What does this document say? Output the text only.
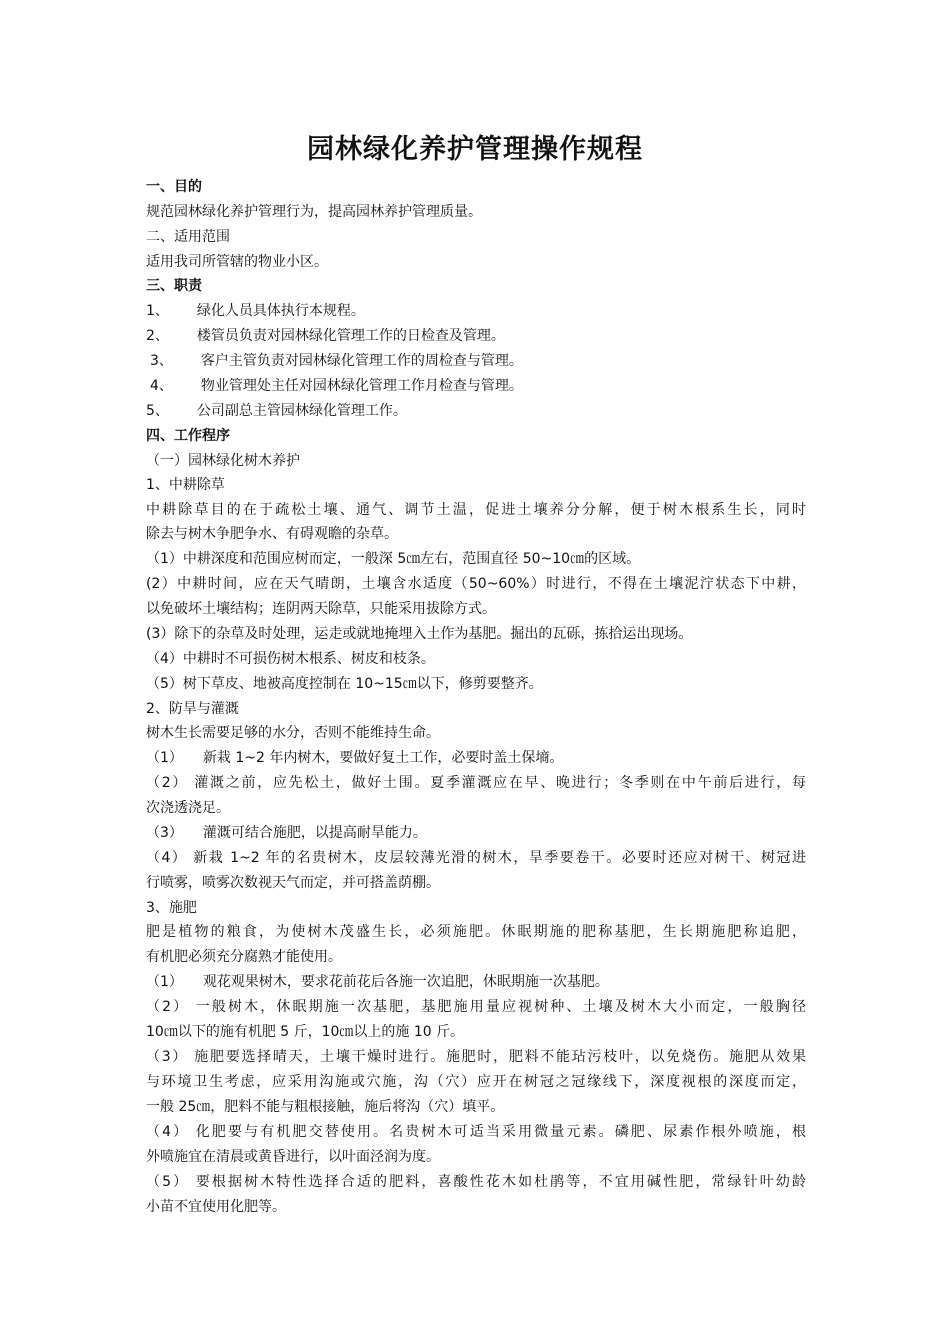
园林绿化养护管理操作规程
一、目的
规范园林绿化养护管理行为，提高园林养护管理质量。
二、适用范围
适用我司所管辖的物业小区。
三、职责
1、 绿化人员具体执行本规程。
2、 楼管员负责对园林绿化管理工作的日检查及管理。
3、 客户主管负责对园林绿化管理工作的周检查与管理。
4、 物业管理处主任对园林绿化管理工作月检查与管理。
5、 公司副总主管园林绿化管理工作。
四、工作程序
（一）园林绿化树木养护
1、中耕除草
中耕除草目的在于疏松土壤、通气、调节土温，促进土壤养分分解，便于树木根系生长，同时
除去与树木争肥争水、有碍观瞻的杂草。
（1）中耕深度和范围应树而定，一般深 5㎝左右，范围直径 50~10㎝的区域。
(2）中耕时间，应在天气晴朗，土壤含水适度（50~60%）时进行，不得在土壤泥泞状态下中耕，
以免破坏土壤结构；连阴两天除草，只能采用拔除方式。
(3）除下的杂草及时处理，运走或就地掩埋入土作为基肥。掘出的瓦砾，拣拾运出现场。
（4）中耕时不可损伤树木根系、树皮和枝条。
（5）树下草皮、地被高度控制在 10~15㎝以下，修剪要整齐。
2、防旱与灌溉
树木生长需要足够的水分，否则不能维持生命。
（1） 新栽 1~2 年内树木，要做好复土工作，必要时盖土保墒。
（2） 灌溉之前，应先松土，做好土围。夏季灌溉应在早、晚进行；冬季则在中午前后进行，每
次浇透浇足。
（3） 灌溉可结合施肥，以提高耐旱能力。
（4） 新栽 1~2 年的名贵树木，皮层较薄光滑的树木，旱季要卷干。必要时还应对树干、树冠进
行喷雾，喷雾次数视天气而定，并可搭盖荫棚。
3、施肥
肥是植物的粮食，为使树木茂盛生长，必须施肥。休眠期施的肥称基肥，生长期施肥称追肥，
有机肥必须充分腐熟才能使用。
（1） 观花观果树木，要求花前花后各施一次追肥，休眠期施一次基肥。
（2） 一般树木，休眠期施一次基肥，基肥施用量应视树种、土壤及树木大小而定，一般胸径
10㎝以下的施有机肥 5 斤，10㎝以上的施 10 斤。
（3） 施肥要选择晴天，土壤干燥时进行。施肥时，肥料不能玷污枝叶，以免烧伤。施肥从效果
与环境卫生考虑，应采用沟施或穴施，沟（穴）应开在树冠之冠缘线下，深度视根的深度而定，
一般 25㎝，肥料不能与粗根接触，施后将沟（穴）填平。
（4） 化肥要与有机肥交替使用。名贵树木可适当采用微量元素。磷肥、尿素作根外喷施，根
外喷施宜在清晨或黄昏进行，以叶面泾润为度。
（5） 要根据树木特性选择合适的肥料，喜酸性花木如杜鹃等，不宜用碱性肥，常绿针叶幼龄
小苗不宜使用化肥等。
